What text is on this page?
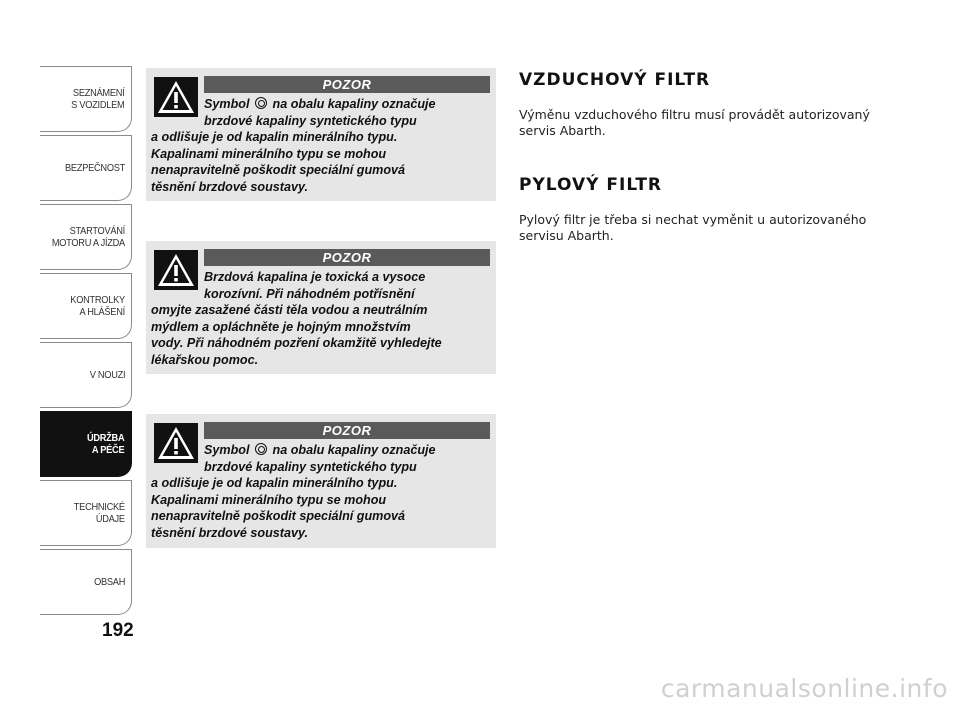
SEZNÁMENÍ
S VOZIDLEM
BEZPEČNOST
STARTOVÁNÍ
MOTORU A JÍZDA
KONTROLKY
A HLÁŠENÍ
V NOUZI
ÚDRŽBA
A PÉČE
TECHNICKÉ
ÚDAJE
OBSAH
192
POZOR
Symbol  na obalu kapaliny označuje
brzdové kapaliny syntetického typu
a odlišuje je od kapalin minerálního typu.
Kapalinami minerálního typu se mohou
nenapravitelně poškodit speciální gumová
těsnění brzdové soustavy.
POZOR
Brzdová kapalina je toxická a vysoce
korozívní. Při náhodném potřísnění
omyjte zasažené části těla vodou a neutrálním
mýdlem a opláchněte je hojným množstvím
vody. Při náhodném pozření okamžitě vyhledejte
lékařskou pomoc.
POZOR
Symbol  na obalu kapaliny označuje
brzdové kapaliny syntetického typu
a odlišuje je od kapalin minerálního typu.
Kapalinami minerálního typu se mohou
nenapravitelně poškodit speciální gumová
těsnění brzdové soustavy.
VZDUCHOVÝ FILTR
Výměnu vzduchového filtru musí provádět autorizovaný servis Abarth.
PYLOVÝ FILTR
Pylový filtr je třeba si nechat vyměnit u autorizovaného servisu Abarth.
carmanualsonline.info
